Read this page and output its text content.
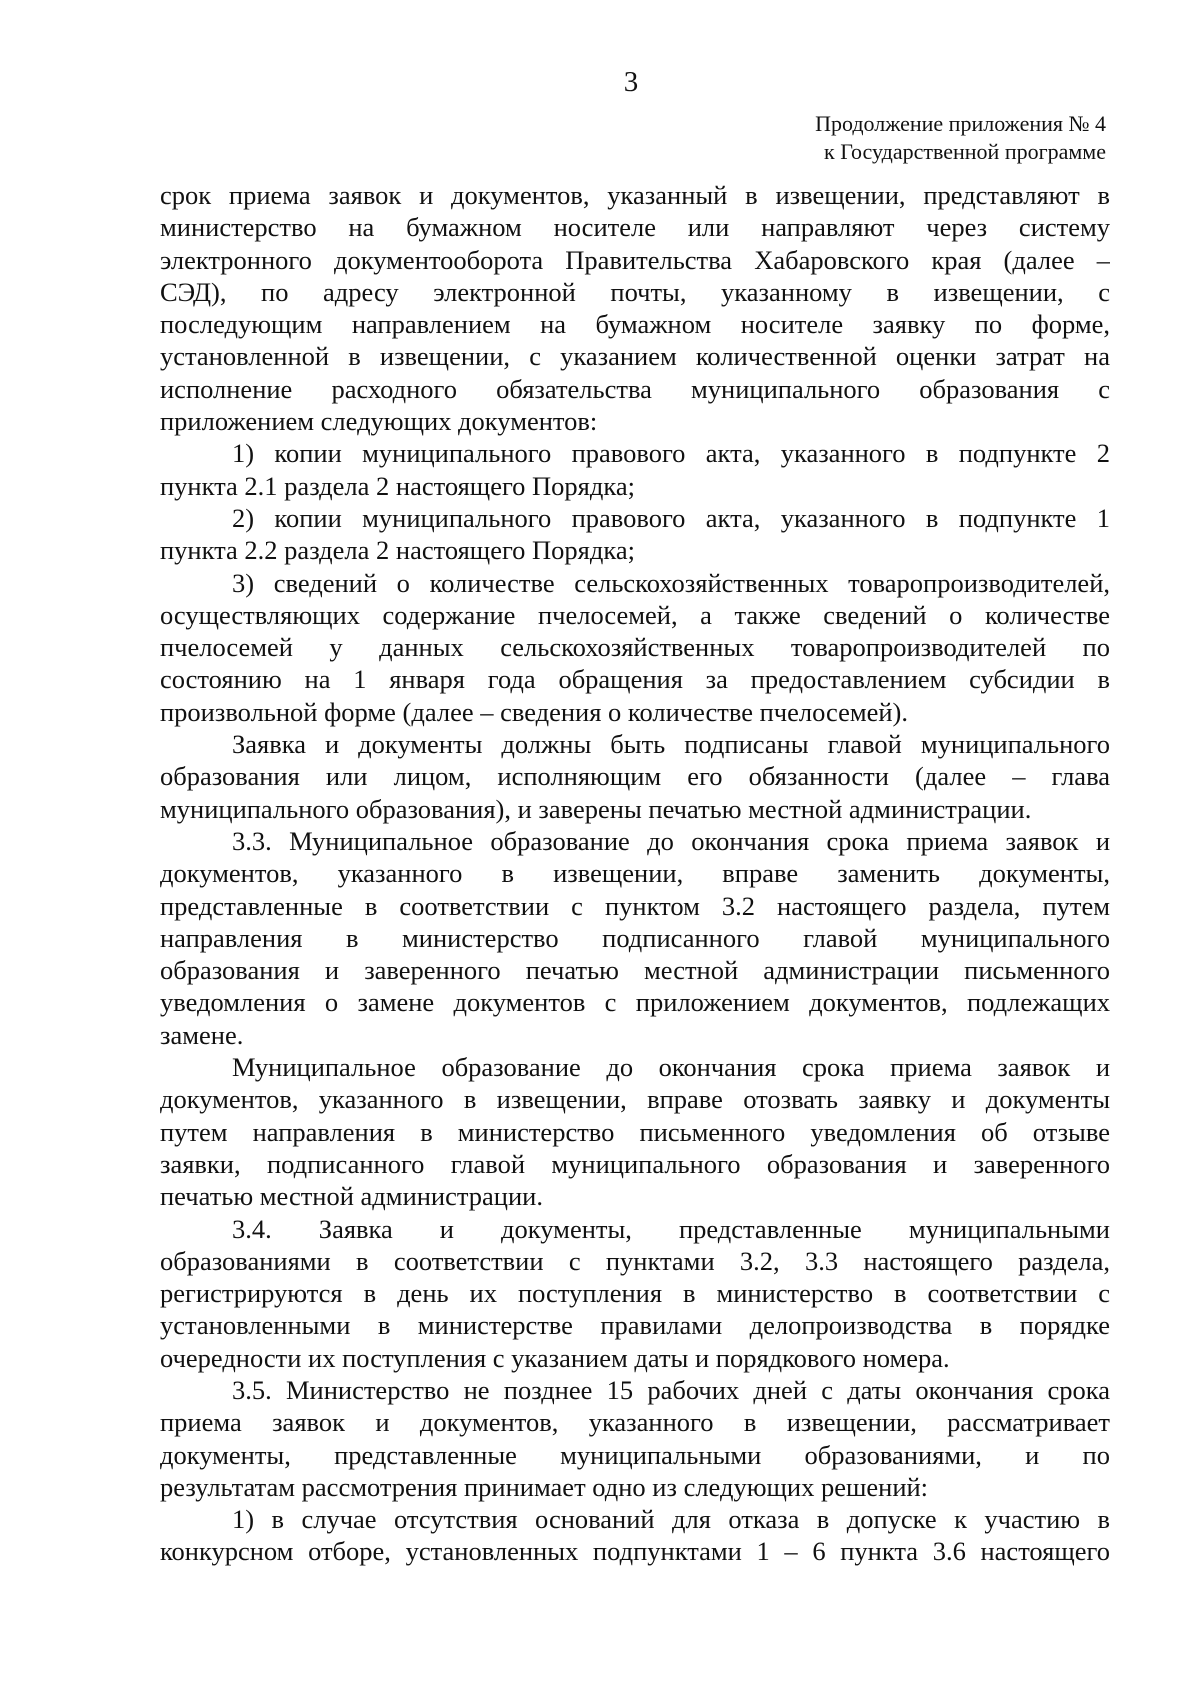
3
Продолжение приложения № 4
к Государственной программе
срок приема заявок и документов, указанный в извещении, представляют в
министерство на бумажном носителе или направляют через систему
электронного документооборота Правительства Хабаровского края (далее –
СЭД), по адресу электронной почты, указанному в извещении, с
последующим направлением на бумажном носителе заявку по форме,
установленной в извещении, с указанием количественной оценки затрат на
исполнение расходного обязательства муниципального образования с
приложением следующих документов:
1) копии муниципального правового акта, указанного в подпункте 2
пункта 2.1 раздела 2 настоящего Порядка;
2) копии муниципального правового акта, указанного в подпункте 1
пункта 2.2 раздела 2 настоящего Порядка;
3) сведений о количестве сельскохозяйственных товаропроизводителей,
осуществляющих содержание пчелосемей, а также сведений о количестве
пчелосемей у данных сельскохозяйственных товаропроизводителей по
состоянию на 1 января года обращения за предоставлением субсидии в
произвольной форме (далее – сведения о количестве пчелосемей).
Заявка и документы должны быть подписаны главой муниципального
образования или лицом, исполняющим его обязанности (далее – глава
муниципального образования), и заверены печатью местной администрации.
3.3. Муниципальное образование до окончания срока приема заявок и
документов, указанного в извещении, вправе заменить документы,
представленные в соответствии с пунктом 3.2 настоящего раздела, путем
направления в министерство подписанного главой муниципального
образования и заверенного печатью местной администрации письменного
уведомления о замене документов с приложением документов, подлежащих
замене.
Муниципальное образование до окончания срока приема заявок и
документов, указанного в извещении, вправе отозвать заявку и документы
путем направления в министерство письменного уведомления об отзыве
заявки, подписанного главой муниципального образования и заверенного
печатью местной администрации.
3.4. Заявка и документы, представленные муниципальными
образованиями в соответствии с пунктами 3.2, 3.3 настоящего раздела,
регистрируются в день их поступления в министерство в соответствии с
установленными в министерстве правилами делопроизводства в порядке
очередности их поступления с указанием даты и порядкового номера.
3.5. Министерство не позднее 15 рабочих дней с даты окончания срока
приема заявок и документов, указанного в извещении, рассматривает
документы, представленные муниципальными образованиями, и по
результатам рассмотрения принимает одно из следующих решений:
1) в случае отсутствия оснований для отказа в допуске к участию в
конкурсном отборе, установленных подпунктами 1 – 6 пункта 3.6 настоящего
